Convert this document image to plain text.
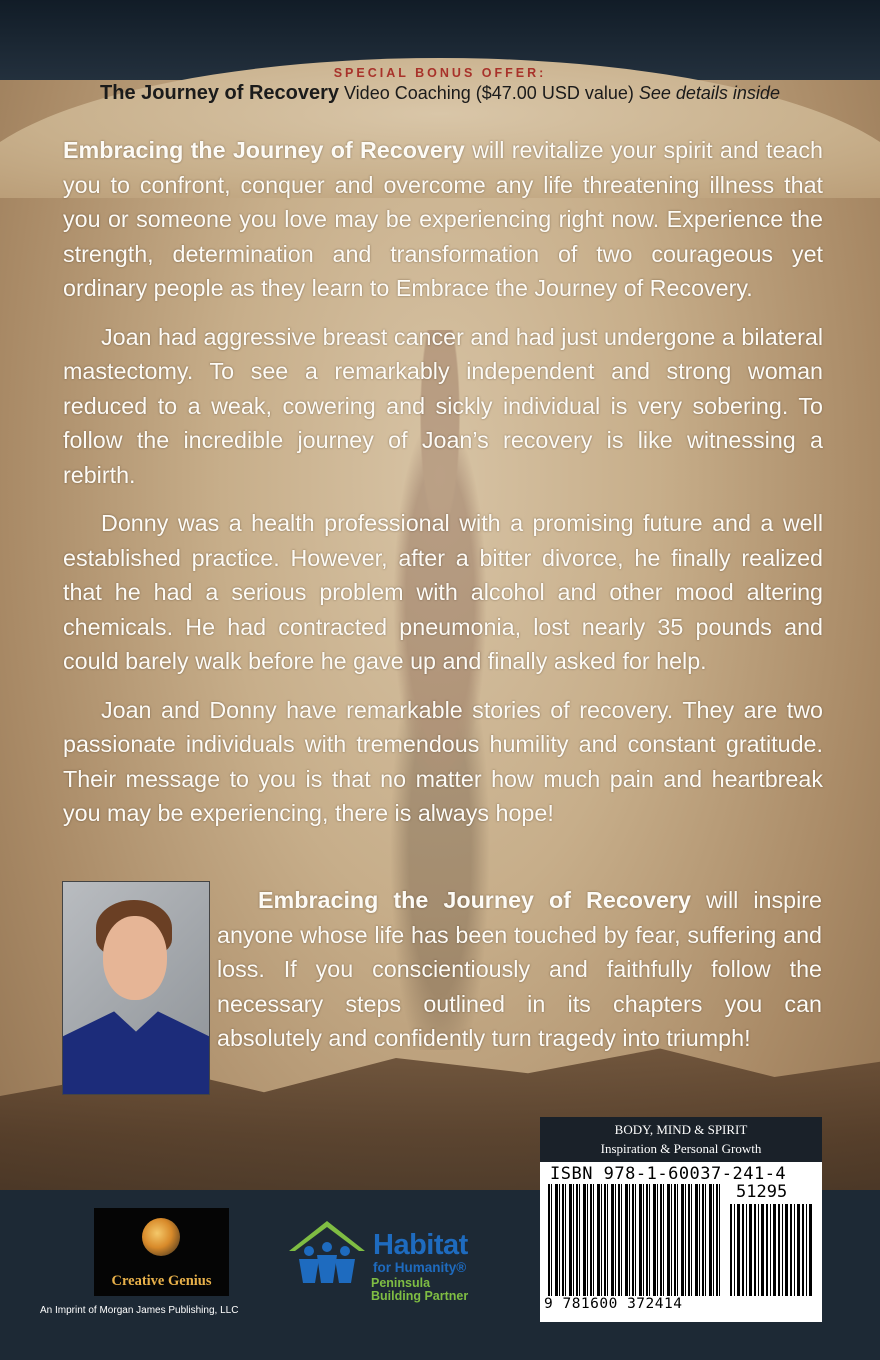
SPECIAL BONUS OFFER:
The Journey of Recovery Video Coaching ($47.00 USD value) See details inside

Embracing the Journey of Recovery will revitalize your spirit and teach you to confront, conquer and overcome any life threatening illness that you or someone you love may be experiencing right now. Experience the strength, determination and transformation of two courageous yet ordinary people as they learn to Embrace the Journey of Recovery.

Joan had aggressive breast cancer and had just undergone a bilateral mastectomy. To see a remarkably independent and strong woman reduced to a weak, cowering and sickly individual is very sobering. To follow the incredible journey of Joan’s recovery is like witnessing a rebirth.

Donny was a health professional with a promising future and a well established practice. However, after a bitter divorce, he finally realized that he had a serious problem with alcohol and other mood altering chemicals. He had contracted pneumonia, lost nearly 35 pounds and could barely walk before he gave up and finally asked for help.

Joan and Donny have remarkable stories of recovery. They are two passionate individuals with tremendous humility and constant gratitude. Their message to you is that no matter how much pain and heartbreak you may be experiencing, there is always hope!

Embracing the Journey of Recovery will inspire anyone whose life has been touched by fear, suffering and loss. If you conscientiously and faithfully follow the necessary steps outlined in its chapters you can absolutely and confidently turn tragedy into triumph!

BODY, MIND & SPIRIT
Inspiration & Personal Growth
ISBN 978-1-60037-241-4
51295
9 781600 372414
Creative Genius
An Imprint of Morgan James Publishing, LLC
Habitat
for Humanity®
Peninsula
Building Partner
